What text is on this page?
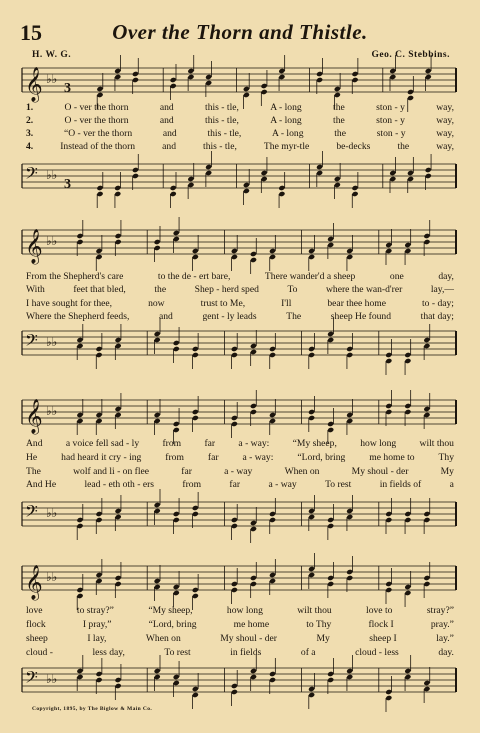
15	Over the Thorn and Thistle.
H. W. G.	Geo. C. Stebbins.
𝄞 ♭♭
3
1.	O - ver the thorn	and	this - tle,	A - long	the	ston - y	way,
2.	O - ver the thorn	and	this - tle,	A - long	the	ston - y	way,
3.	“O - ver the thorn	and	this - tle,	A - long	the	ston - y	way,
4.	Instead of the thorn	and	this - tle,	The myr-tle	be-decks	the	way,
𝄢 ♭♭
3
𝄞 ♭♭
From the Shepherd's care	to the de - ert bare,	There wander'd a sheep	one	day,
With	feet that bled,	the	Shep - herd sped	To	where the wan-d'rer	lay,—
I have sought for thee,	now	trust to Me,	I'll	bear thee home	to - day;
Where the Shepherd feeds,	and	gent - ly leads	The	sheep He found	that day;
𝄢 ♭♭
𝄞 ♭♭
And a voice fell sad - ly from far a - way: “My sheep, how long wilt thou
He had heard it cry - ing from far a - way: “Lord, bring me home to Thy
The	wolf and li - on flee	far	a - way	When on	My shoul - der	My
And He	lead - eth oth - ers	from	far	a - way	To rest	in fields of	a
𝄢 ♭♭
𝄞 ♭♭
love	to stray?”	“My sheep,	how long	wilt thou	love to	stray?”
flock	I pray,”	“Lord, bring	me home	to Thy	flock I	pray.”
sheep	I lay,	When on	My shoul - der	My	sheep I	lay.”
cloud -	less day,	To rest	in fields	of a	cloud - less	day.
𝄢 ♭♭
Copyright, 1895, by The Biglow & Main Co.
